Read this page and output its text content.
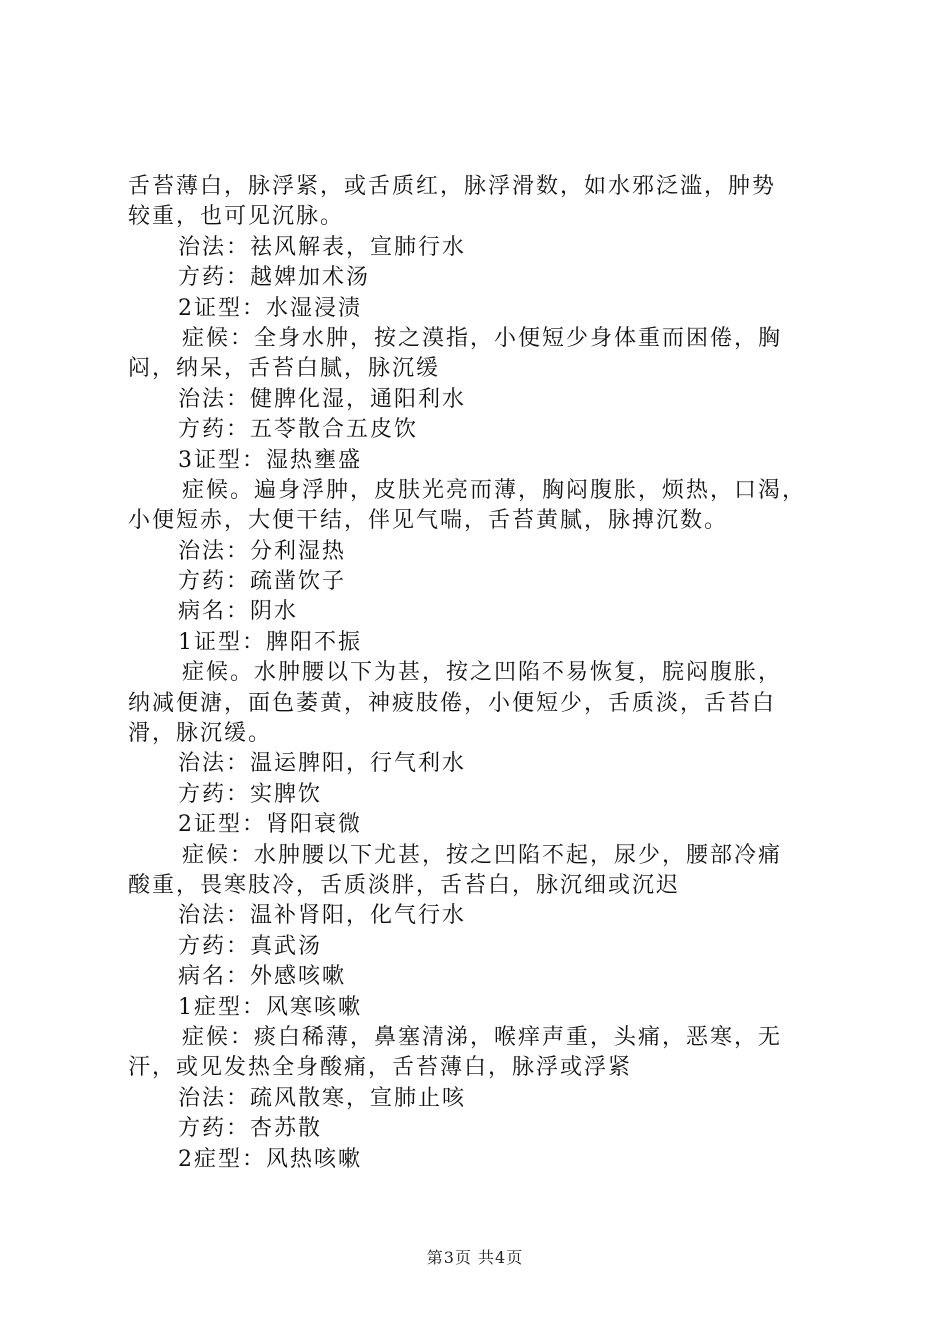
舌苔薄白，脉浮紧，或舌质红，脉浮滑数，如水邪泛滥，肿势
较重，也可见沉脉。
治法：祛风解表，宣肺行水
方药：越婢加术汤
2证型：水湿浸渍
症候：全身水肿，按之漠指，小便短少身体重而困倦，胸
闷，纳呆，舌苔白腻，脉沉缓
治法：健脾化湿，通阳利水
方药：五苓散合五皮饮
3证型：湿热壅盛
症候。遍身浮肿，皮肤光亮而薄，胸闷腹胀，烦热，口渴，
小便短赤，大便干结，伴见气喘，舌苔黄腻，脉搏沉数。
治法：分利湿热
方药：疏凿饮子
病名：阴水
1证型：脾阳不振
症候。水肿腰以下为甚，按之凹陷不易恢复，脘闷腹胀，
纳减便溏，面色萎黄，神疲肢倦，小便短少，舌质淡，舌苔白
滑，脉沉缓。
治法：温运脾阳，行气利水
方药：实脾饮
2证型：肾阳衰微
症候：水肿腰以下尤甚，按之凹陷不起，尿少，腰部冷痛
酸重，畏寒肢冷，舌质淡胖，舌苔白，脉沉细或沉迟
治法：温补肾阳，化气行水
方药：真武汤
病名：外感咳嗽
1症型：风寒咳嗽
症候：痰白稀薄，鼻塞清涕，喉痒声重，头痛，恶寒，无
汗，或见发热全身酸痛，舌苔薄白，脉浮或浮紧
治法：疏风散寒，宣肺止咳
方药：杏苏散
2症型：风热咳嗽
第3页 共4页
